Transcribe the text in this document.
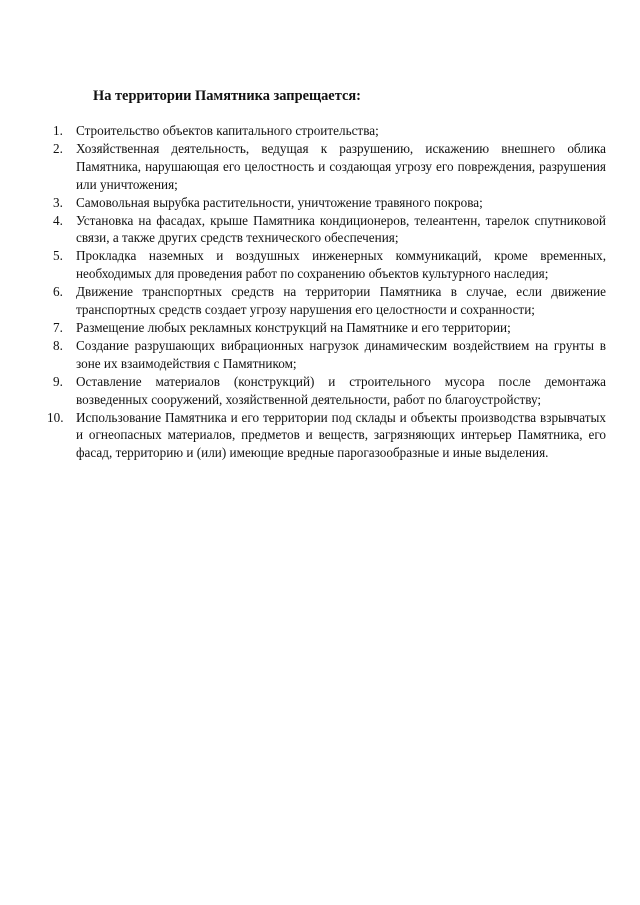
На территории Памятника запрещается:
1. Строительство объектов капитального строительства;
2. Хозяйственная деятельность, ведущая к разрушению, искажению внешнего облика Памятника, нарушающая его целостность и создающая угрозу его повреждения, разрушения или уничтожения;
3. Самовольная вырубка растительности, уничтожение травяного покрова;
4. Установка на фасадах, крыше Памятника кондиционеров, телеантенн, тарелок спутниковой связи, а также других средств технического обеспечения;
5. Прокладка наземных и воздушных инженерных коммуникаций, кроме временных, необходимых для проведения работ по сохранению объектов культурного наследия;
6. Движение транспортных средств на территории Памятника в случае, если движение транспортных средств создает угрозу нарушения его целостности и сохранности;
7. Размещение любых рекламных конструкций на Памятнике и его территории;
8. Создание разрушающих вибрационных нагрузок динамическим воздействием на грунты в зоне их взаимодействия с Памятником;
9. Оставление материалов (конструкций) и строительного мусора после демонтажа возведенных сооружений, хозяйственной деятельности, работ по благоустройству;
10. Использование Памятника и его территории под склады и объекты производства взрывчатых и огнеопасных материалов, предметов и веществ, загрязняющих интерьер Памятника, его фасад, территорию и (или) имеющие вредные парогазообразные и иные выделения.
